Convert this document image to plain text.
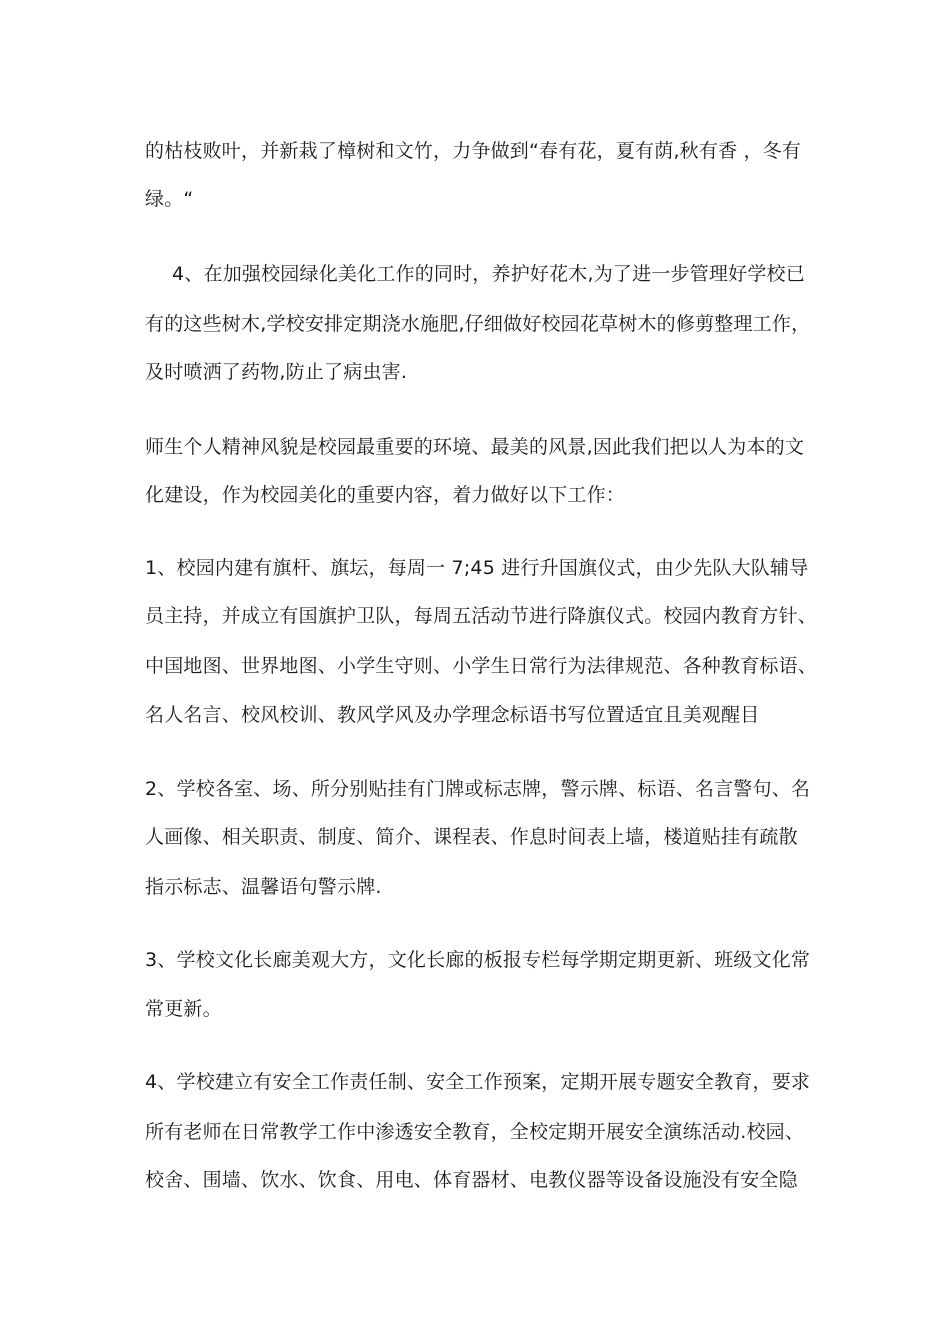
的枯枝败叶，并新栽了樟树和文竹，力争做到“春有花，夏有荫,秋有香 ，冬有
绿。“
4、在加强校园绿化美化工作的同时，养护好花木,为了进一步管理好学校已
有的这些树木,学校安排定期浇水施肥,仔细做好校园花草树木的修剪整理工作，
及时喷洒了药物,防止了病虫害.
师生个人精神风貌是校园最重要的环境、最美的风景,因此我们把以人为本的文
化建设，作为校园美化的重要内容，着力做好以下工作：
1、校园内建有旗杆、旗坛，每周一 7;45 进行升国旗仪式，由少先队大队辅导
员主持，并成立有国旗护卫队，每周五活动节进行降旗仪式。校园内教育方针、
中国地图、世界地图、小学生守则、小学生日常行为法律规范、各种教育标语、
名人名言、校风校训、教风学风及办学理念标语书写位置适宜且美观醒目
2、学校各室、场、所分别贴挂有门牌或标志牌，警示牌、标语、名言警句、名
人画像、相关职责、制度、简介、课程表、作息时间表上墙，楼道贴挂有疏散
指示标志、温馨语句警示牌.
3、学校文化长廊美观大方，文化长廊的板报专栏每学期定期更新、班级文化常
常更新。
4、学校建立有安全工作责任制、安全工作预案，定期开展专题安全教育，要求
所有老师在日常教学工作中渗透安全教育，全校定期开展安全演练活动.校园、
校舍、围墙、饮水、饮食、用电、体育器材、电教仪器等设备设施没有安全隐
